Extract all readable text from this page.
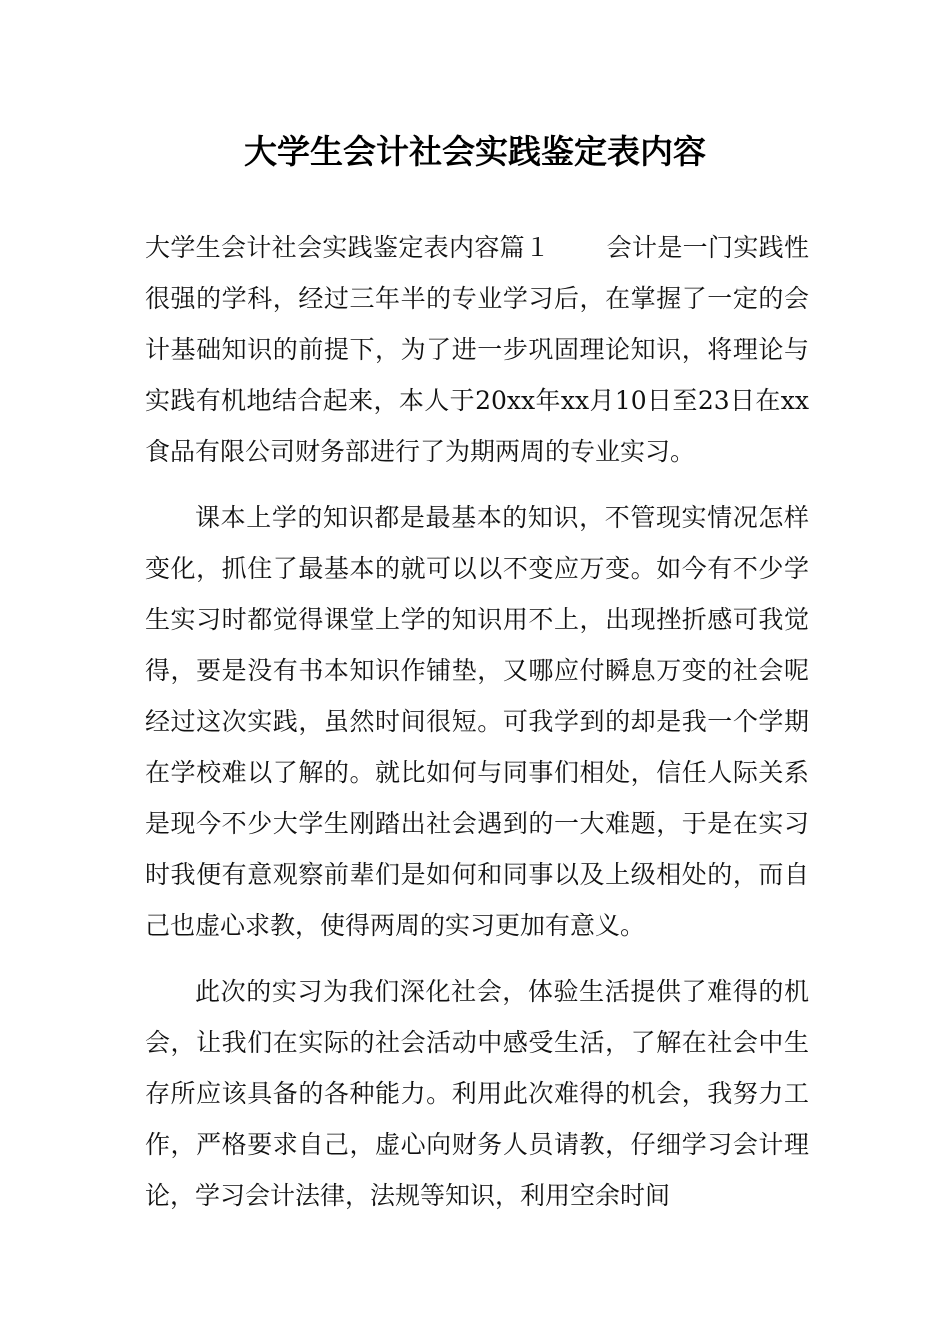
大学生会计社会实践鉴定表内容

大学生会计社会实践鉴定表内容篇１ 会计是一门实践性很强的学科，经过三年半的专业学习后，在掌握了一定的会计基础知识的前提下，为了进一步巩固理论知识，将理论与实践有机地结合起来，本人于20xx年xx月10日至23日在xx食品有限公司财务部进行了为期两周的专业实习。

课本上学的知识都是最基本的知识，不管现实情况怎样变化，抓住了最基本的就可以以不变应万变。如今有不少学生实习时都觉得课堂上学的知识用不上，出现挫折感可我觉得，要是没有书本知识作铺垫，又哪应付瞬息万变的社会呢经过这次实践，虽然时间很短。可我学到的却是我一个学期在学校难以了解的。就比如何与同事们相处，信任人际关系是现今不少大学生刚踏出社会遇到的一大难题，于是在实习时我便有意观察前辈们是如何和同事以及上级相处的，而自己也虚心求教，使得两周的实习更加有意义。

此次的实习为我们深化社会，体验生活提供了难得的机会，让我们在实际的社会活动中感受生活，了解在社会中生存所应该具备的各种能力。利用此次难得的机会，我努力工作，严格要求自己，虚心向财务人员请教，仔细学习会计理论，学习会计法律，法规等知识，利用空余时间
